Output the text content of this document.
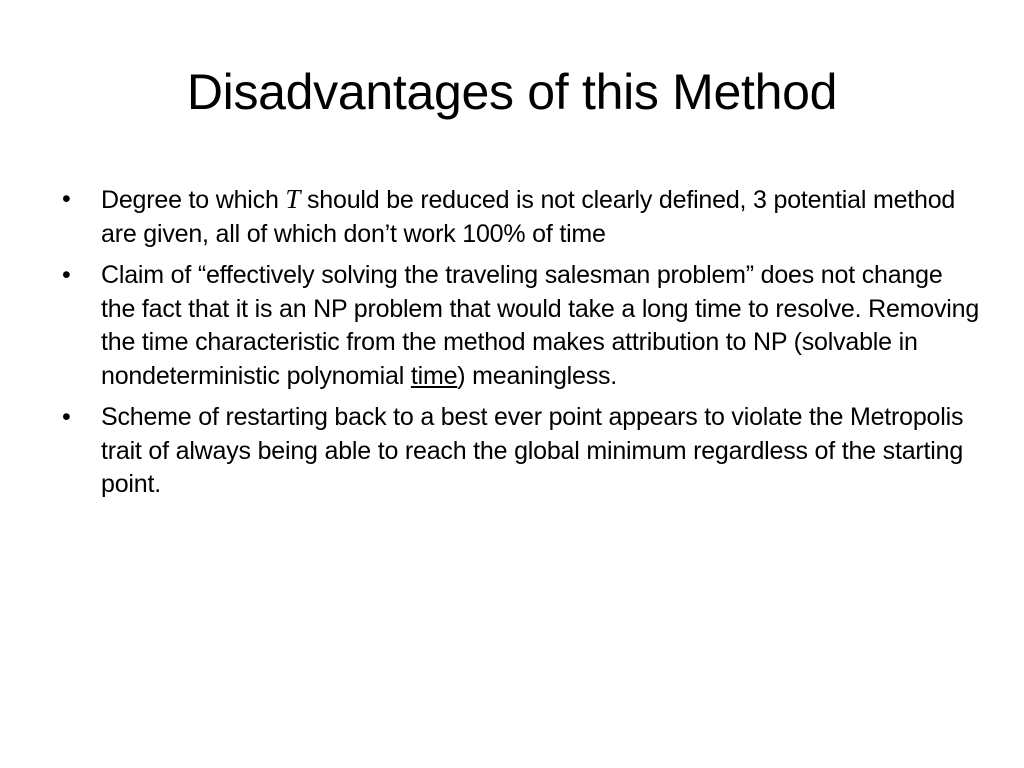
Disadvantages of this Method
• Degree to which T should be reduced is not clearly defined, 3 potential method are given, all of which don’t work 100% of time
• Claim of “effectively solving the traveling salesman problem” does not change the fact that it is an NP problem that would take a long time to resolve. Removing the time characteristic from the method makes attribution to NP (solvable in nondeterministic polynomial time) meaningless.
• Scheme of restarting back to a best ever point appears to violate the Metropolis trait of always being able to reach the global minimum regardless of the starting point.
